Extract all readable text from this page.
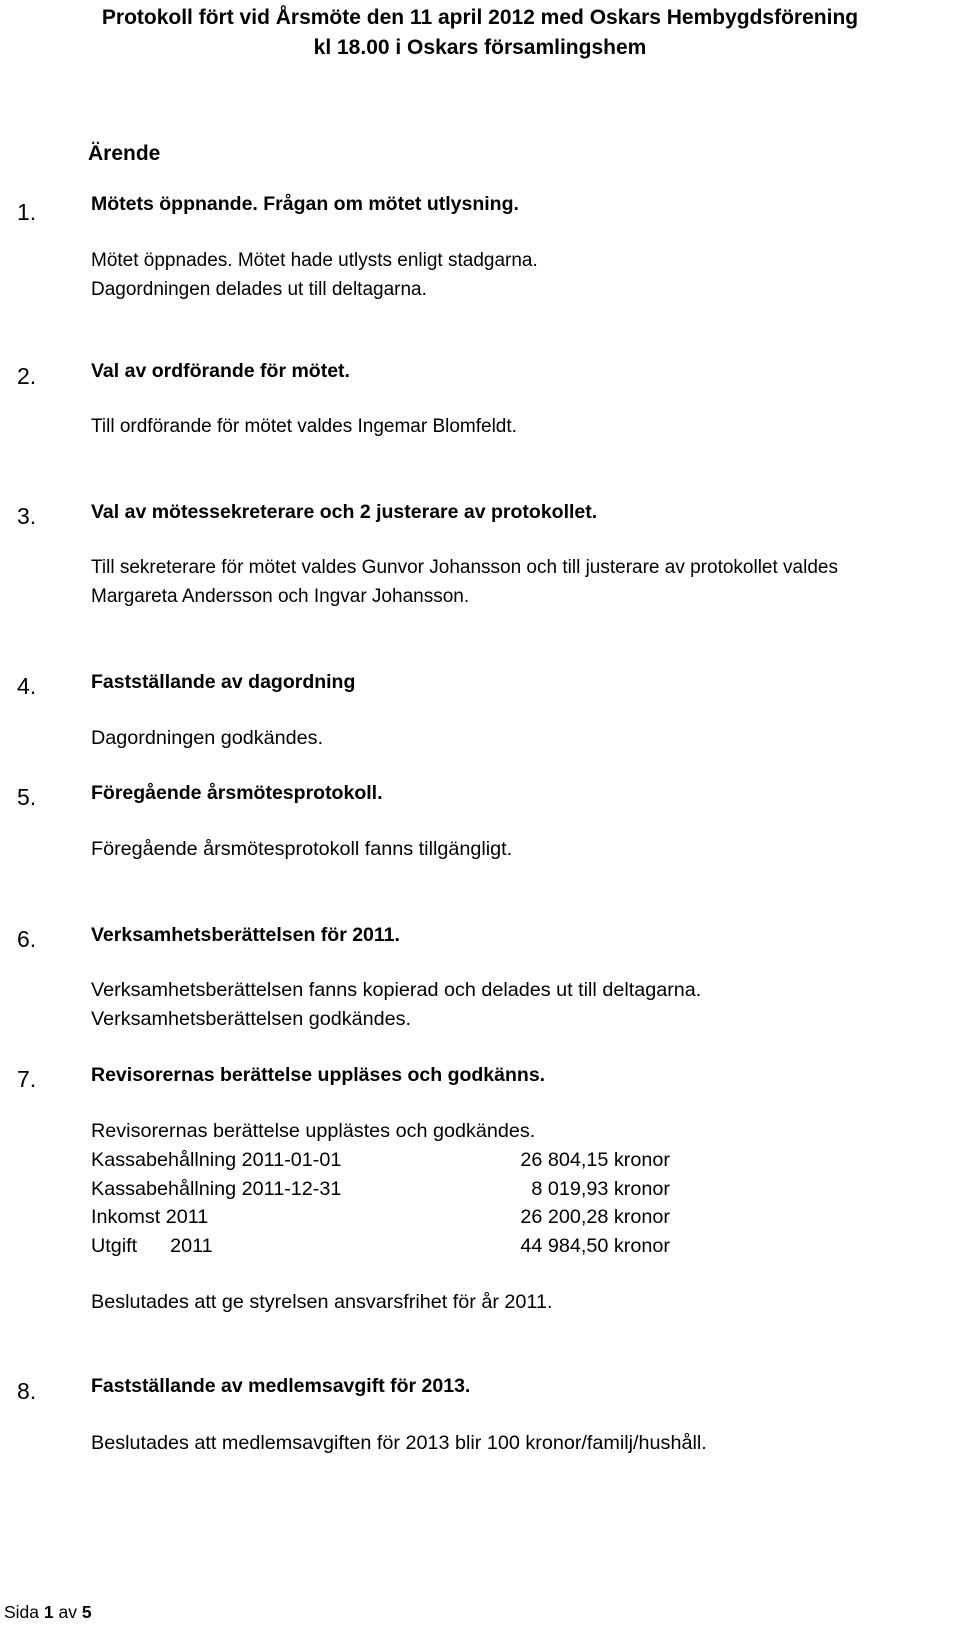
Protokoll fört vid Årsmöte den 11 april 2012 med Oskars Hembygdsförening
kl 18.00 i Oskars församlingshem
Ärende
1.	Mötets öppnande. Frågan om mötet utlysning.
Mötet öppnades. Mötet hade utlysts enligt stadgarna.
Dagordningen delades ut till deltagarna.
2.	Val av ordförande för mötet.
Till ordförande för mötet valdes Ingemar Blomfeldt.
3.	Val av mötessekreterare och 2 justerare av protokollet.
Till sekreterare för mötet valdes Gunvor Johansson och till justerare av protokollet valdes
Margareta Andersson och Ingvar Johansson.
4.	Fastställande av dagordning
Dagordningen godkändes.
5.	Föregående årsmötesprotokoll.
Föregående årsmötesprotokoll fanns tillgängligt.
6.	Verksamhetsberättelsen för 2011.
Verksamhetsberättelsen fanns kopierad och delades ut till deltagarna.
Verksamhetsberättelsen godkändes.
7.	Revisorernas berättelse uppläses och godkänns.
Revisorernas berättelse upplästes och godkändes.
Kassabehållning 2011-01-01	26 804,15 kronor
Kassabehållning 2011-12-31	8 019,93 kronor
Inkomst 2011	26 200,28 kronor
Utgift      2011	44 984,50 kronor
Beslutades att ge styrelsen ansvarsfrihet för år 2011.
8.	Fastställande av medlemsavgift för 2013.
Beslutades att medlemsavgiften för 2013 blir 100 kronor/familj/hushåll.
Sida 1 av 5
